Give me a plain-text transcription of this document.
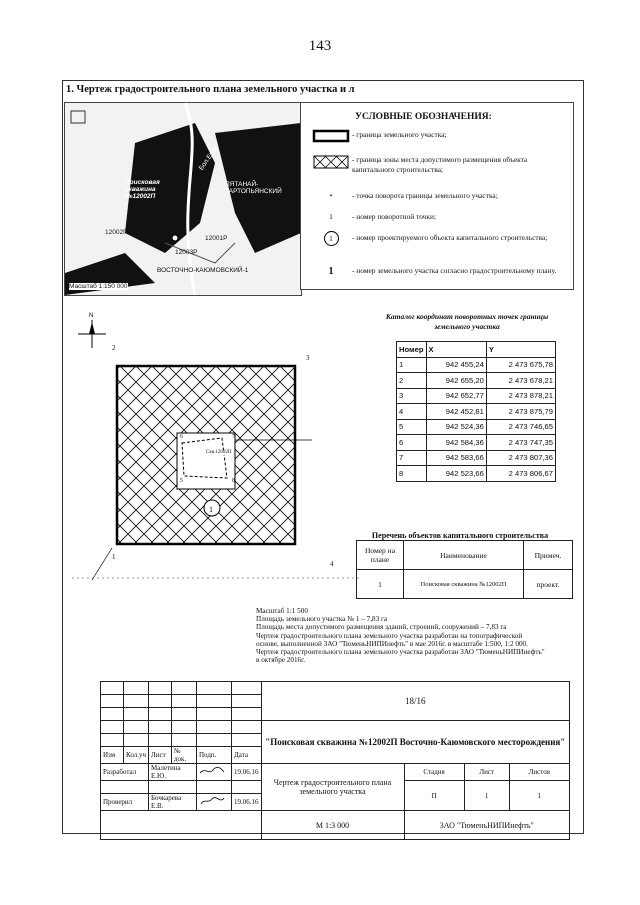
143
1. Чертеж градостроительного плана земельного участка и л
Поисковая скважина №12002П
Бол.Еган
ПЯТАНАЙ- КАРТОПЬЯНСКИЙ
ВОСТОЧНО-КАЮМОВСКИЙ-1
12002П
12001Р
12003Р
Масштаб 1:150 000
УСЛОВНЫЕ ОБОЗНАЧЕНИЯ:
- граница земельного участка;
- граница зоны места допустимого размещения объекта капитального строительства;
•	- точка поворота границы земельного участка;
1	- номер поворотной точки;
1	- номер проектируемого объекта капитального строительства;
1	- номер земельного участка согласно градостроительному плану.
N
2
3
4
1
5
6	7
8
1
Скв.12002П
Каталог координат поворотных точек границы земельного участка
Номер	X	Y
1	942 455,24	2 473 675,78
2	942 655,20	2 473 678,21
3	942 652,77	2 473 878,21
4	942 452,81	2 473 875,79
5	942 524,36	2 473 746,65
6	942 584,36	2 473 747,35
7	942 583,66	2 473 807,36
8	942 523,66	2 473 806,67
Перечень объектов капитального строительства
Номер на плане	Наименование	Примеч.
1	Поисковая скважина №12002П	проект.
Масштаб 1:1 500
Площадь земельного участка № 1 – 7,83 га
Площадь места допустимого размещения зданий, строений, сооружений – 7,83 га
Чертеж градостроительного плана земельного участка разработан на топографической
основе, выполненной ЗАО "ТюменьНИПИнефть" в мае 2016г. в масштабе 1:500, 1:2 000.
Чертеж градостроительного плана земельного участка разработан ЗАО "ТюменьНИПИнефть"
в октябре 2016г.
						18/16			

						"Поисковая скважина №12002П Восточно-Каюмовского месторождения"			

Изм	Кол.уч	Лист	№ док.	Подп.	Дата				
Разработал		Малетина Е.Ю.			19.06.16	Чертеж градостроительного плана земельного участка	Стадия	Лист	Листов
							П	1	1
Проверил		Бочкарева Е.В.			19.06.16				
						М 1:3 000	ЗАО "ТюменьНИПИнефть"		
